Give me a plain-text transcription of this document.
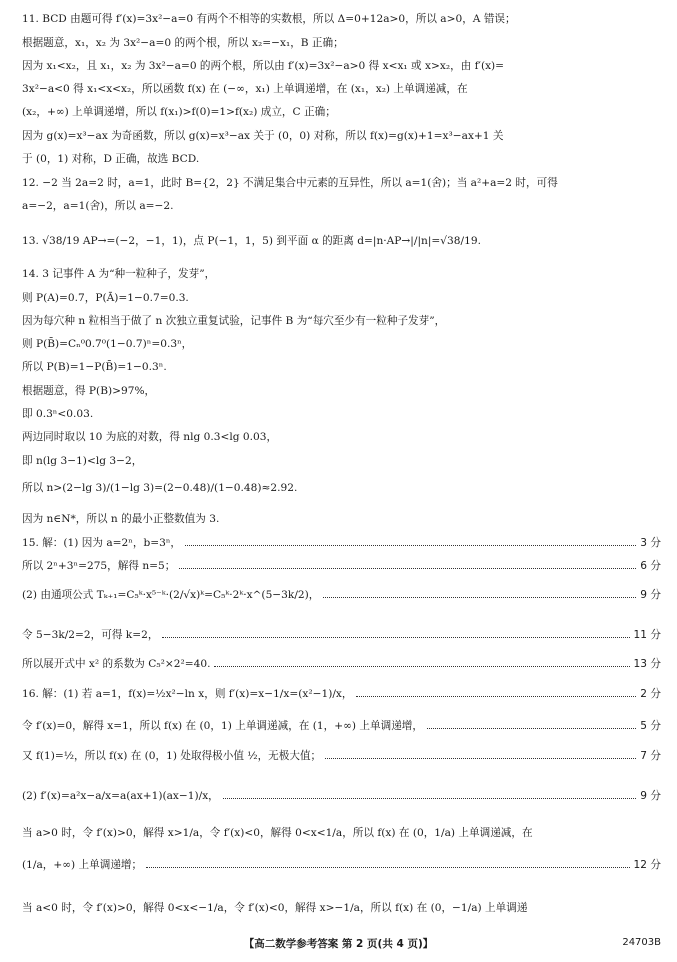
11. BCD 由题可得 f′(x)=3x²−a=0 有两个不相等的实数根，所以 Δ=0+12a>0，所以 a>0，A 错误；
根据题意，x₁，x₂ 为 3x²−a=0 的两个根，所以 x₂=−x₁，B 正确；
因为 x₁<x₂，且 x₁，x₂ 为 3x²−a=0 的两个根，所以由 f′(x)=3x²−a>0 得 x<x₁ 或 x>x₂，由 f′(x)=
3x²−a<0 得 x₁<x<x₂，所以函数 f(x) 在 (−∞，x₁) 上单调递增，在 (x₁，x₂) 上单调递减，在
(x₂，+∞) 上单调递增，所以 f(x₁)>f(0)=1>f(x₂) 成立，C 正确；
因为 g(x)=x³−ax 为奇函数，所以 g(x)=x³−ax 关于 (0，0) 对称，所以 f(x)=g(x)+1=x³−ax+1 关
于 (0，1) 对称，D 正确，故选 BCD.
12. −2 当 2a=2 时，a=1，此时 B={2，2} 不满足集合中元素的互异性，所以 a=1(舍)；当 a²+a=2 时，可得
a=−2，a=1(舍)，所以 a=−2.
13. √38/19 AP→=(−2，−1，1)，点 P(−1，1，5) 到平面 α 的距离 d=|n·AP→|/|n|=√38/19.
14. 3 记事件 A 为“种一粒种子，发芽”，
则 P(A)=0.7，P(Ā)=1−0.7=0.3.
因为每穴种 n 粒相当于做了 n 次独立重复试验，记事件 B 为“每穴至少有一粒种子发芽”，
则 P(B̄)=Cₙ⁰0.7⁰(1−0.7)ⁿ=0.3ⁿ，
所以 P(B)=1−P(B̄)=1−0.3ⁿ.
根据题意，得 P(B)>97%，
即 0.3ⁿ<0.03.
两边同时取以 10 为底的对数，得 nlg 0.3<lg 0.03，
即 n(lg 3−1)<lg 3−2，
所以 n>(2−lg 3)/(1−lg 3)=(2−0.48)/(1−0.48)≈2.92.
因为 n∈N*，所以 n 的最小正整数值为 3.
15. 解：(1) 因为 a=2ⁿ，b=3ⁿ，	3 分
所以 2ⁿ+3ⁿ=275，解得 n=5；	6 分
(2) 由通项公式 Tₖ₊₁=C₅ᵏ·x⁵⁻ᵏ·(2/√x)ᵏ=C₅ᵏ·2ᵏ·x^(5−3k/2)，	9 分
令 5−3k/2=2，可得 k=2，	11 分
所以展开式中 x² 的系数为 C₅²×2²=40.	13 分
16. 解：(1) 若 a=1，f(x)=½x²−ln x，则 f′(x)=x−1/x=(x²−1)/x，	2 分
令 f′(x)=0，解得 x=1，所以 f(x) 在 (0，1) 上单调递减，在 (1，+∞) 上单调递增，	5 分
又 f(1)=½，所以 f(x) 在 (0，1) 处取得极小值 ½，无极大值；	7 分
(2) f′(x)=a²x−a/x=a(ax+1)(ax−1)/x，	9 分
当 a>0 时，令 f′(x)>0，解得 x>1/a，令 f′(x)<0，解得 0<x<1/a，所以 f(x) 在 (0，1/a) 上单调递减，在
(1/a，+∞) 上单调递增；	12 分
当 a<0 时，令 f′(x)>0，解得 0<x<−1/a，令 f′(x)<0，解得 x>−1/a，所以 f(x) 在 (0，−1/a) 上单调递
【高二数学参考答案 第 2 页(共 4 页)】	24703B
